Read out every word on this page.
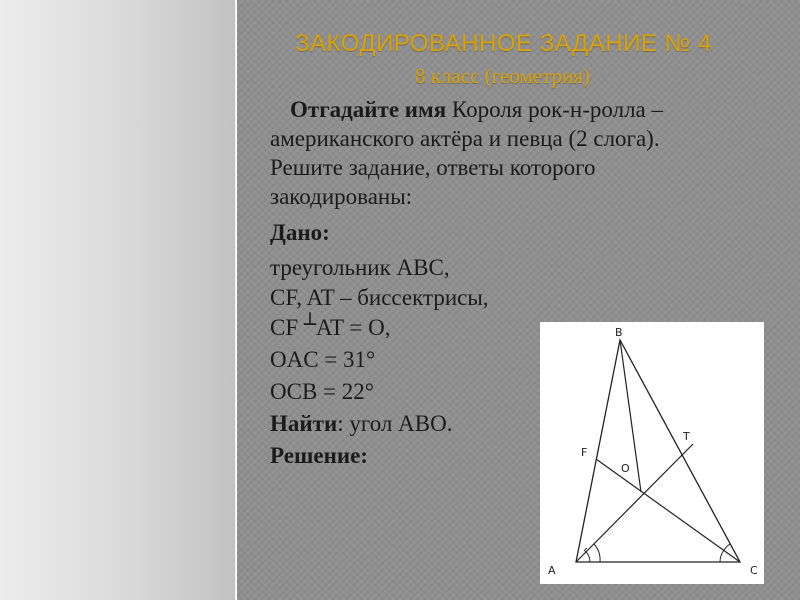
ЗАКОДИРОВАННОЕ ЗАДАНИЕ № 4
8 класс (геометрия)
Отгадайте имя Короля рок-н-ролла –
американского актёра и певца (2 слога).
Решите задание, ответы которого
закодированы:
Дано:
треугольник АВС,
CF, AT – биссектрисы,
CF ┴AT = O,
OAC = 31°
OCB = 22°
Найти: угол АВО.
Решение:
B
A	C
F
T
O
